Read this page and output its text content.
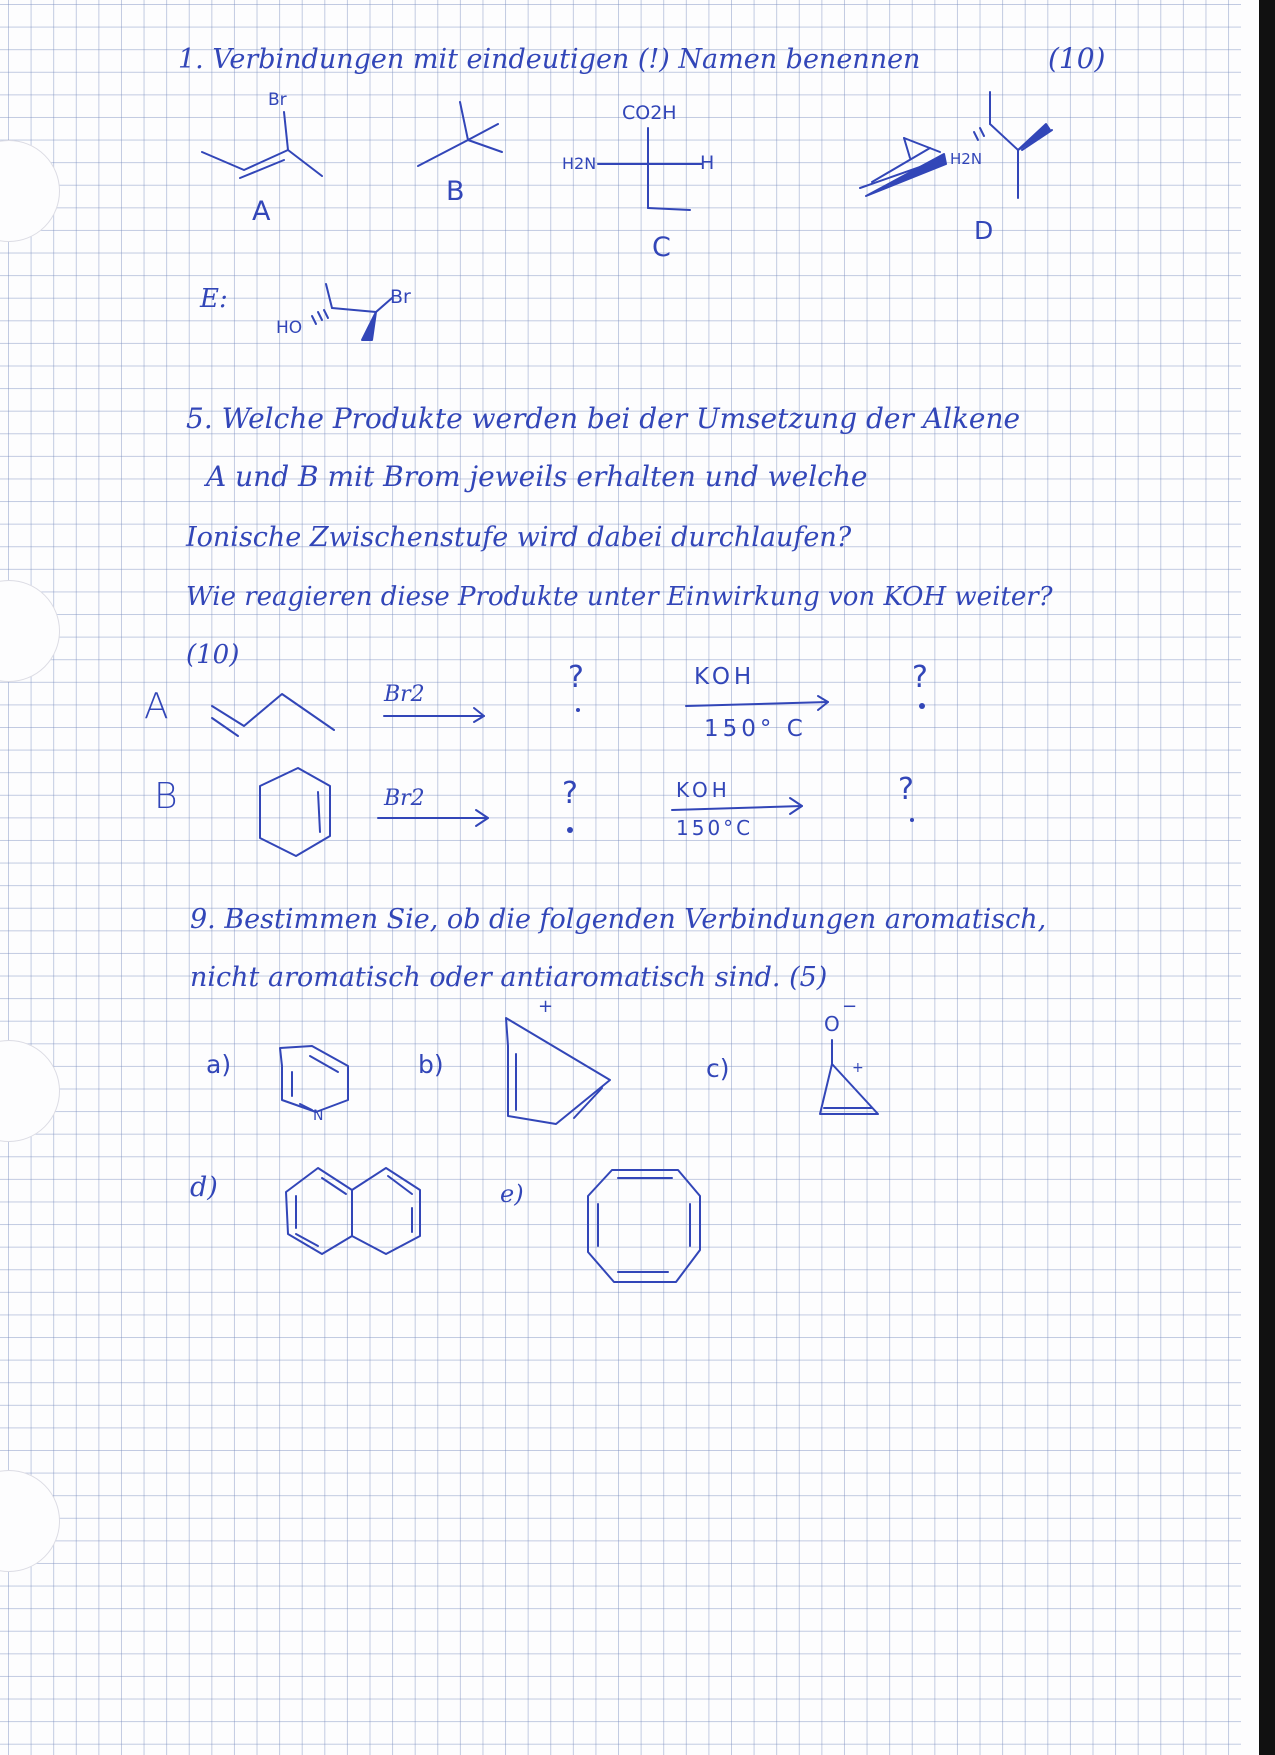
1. Verbindungen mit eindeutigen (!) Namen benennen	(10)
A
B
C
D
E:
Br
CO2H
H2N	H	H2N
HO
Br
5. Welche Produkte werden bei der Umsetzung der Alkene
A und B mit Brom jeweils erhalten und welche
Ionische Zwischenstufe wird dabei durchlaufen?
Wie reagieren diese Produkte unter Einwirkung von KOH weiter?
(10)
A	Br2	?	KOH
150° C
?
B	Br2	?	KOH
150°C
?
9. Bestimmen Sie, ob die folgenden Verbindungen aromatisch,
nicht aromatisch oder antiaromatisch sind. (5)
a)	b)	c)
d)	e)
N
+
O
−
+
